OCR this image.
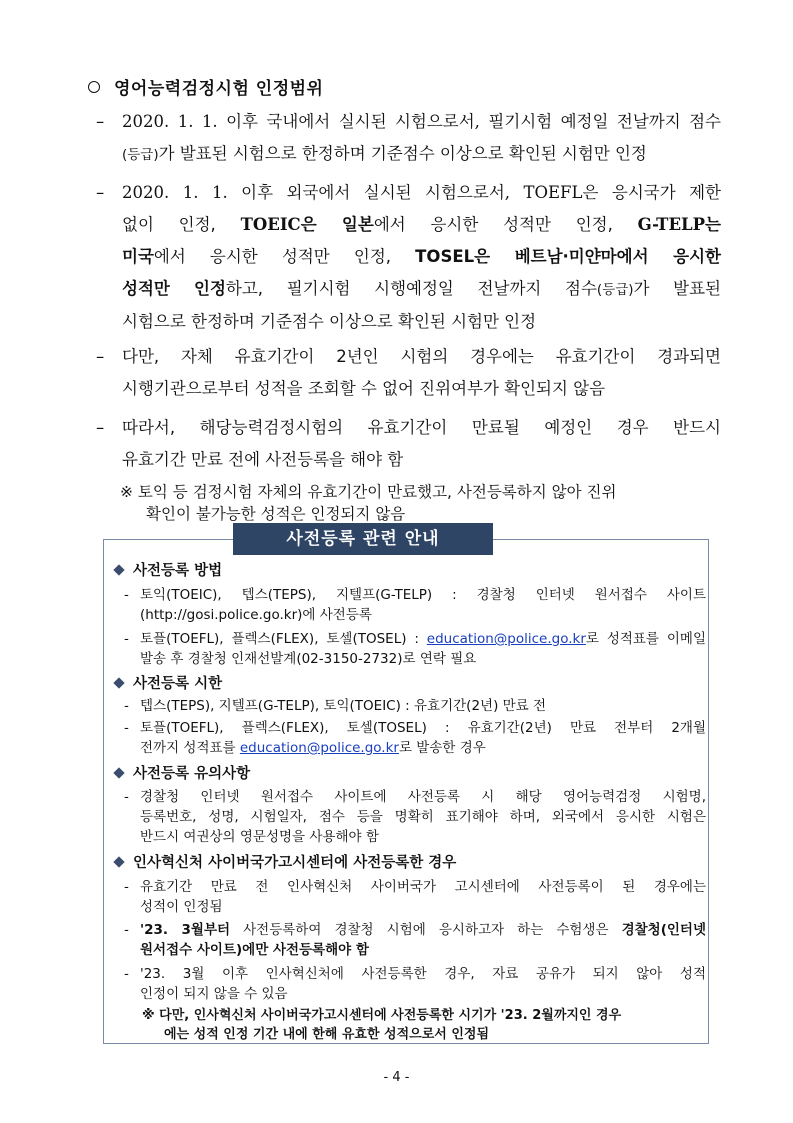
영어능력검정시험 인정범위
–	2020. 1. 1. 이후 국내에서 실시된 시험으로서, 필기시험 예정일 전날까지 점수
(등급)가 발표된 시험으로 한정하며 기준점수 이상으로 확인된 시험만 인정
–	2020. 1. 1. 이후 외국에서 실시된 시험으로서, TOEFL은 응시국가 제한
없이 인정, TOEIC은 일본에서 응시한 성적만 인정, G-TELP는
미국에서 응시한 성적만 인정, TOSEL은 베트남·미얀마에서 응시한
성적만 인정하고, 필기시험 시행예정일 전날까지 점수(등급)가 발표된
시험으로 한정하며 기준점수 이상으로 확인된 시험만 인정
–	다만, 자체 유효기간이 2년인 시험의 경우에는 유효기간이 경과되면
시행기관으로부터 성적을 조회할 수 없어 진위여부가 확인되지 않음
–	따라서, 해당능력검정시험의 유효기간이 만료될 예정인 경우 반드시
유효기간 만료 전에 사전등록을 해야 함
※ 토익 등 검정시험 자체의 유효기간이 만료했고, 사전등록하지 않아 진위
확인이 불가능한 성적은 인정되지 않음
사전등록 관련 안내
사전등록 방법
- 토익(TOEIC), 텝스(TEPS), 지텔프(G-TELP) : 경찰청 인터넷 원서접수 사이트
(http://gosi.police.go.kr)에 사전등록
- 토플(TOEFL), 플렉스(FLEX), 토셀(TOSEL) : education@police.go.kr로 성적표를 이메일
발송 후 경찰청 인재선발계(02-3150-2732)로 연락 필요
사전등록 시한
- 텝스(TEPS), 지텔프(G-TELP), 토익(TOEIC) : 유효기간(2년) 만료 전
- 토플(TOEFL), 플렉스(FLEX), 토셀(TOSEL) : 유효기간(2년) 만료 전부터 2개월
전까지 성적표를 education@police.go.kr로 발송한 경우
사전등록 유의사항
- 경찰청 인터넷 원서접수 사이트에 사전등록 시 해당 영어능력검정 시험명,
등록번호, 성명, 시험일자, 점수 등을 명확히 표기해야 하며, 외국에서 응시한 시험은
반드시 여권상의 영문성명을 사용해야 함
인사혁신처 사이버국가고시센터에 사전등록한 경우
- 유효기간 만료 전 인사혁신처 사이버국가 고시센터에 사전등록이 된 경우에는
성적이 인정됨
- '23. 3월부터 사전등록하여 경찰청 시험에 응시하고자 하는 수험생은 경찰청(인터넷
원서접수 사이트)에만 사전등록해야 함
- '23. 3월 이후 인사혁신처에 사전등록한 경우, 자료 공유가 되지 않아 성적
인정이 되지 않을 수 있음
※ 다만, 인사혁신처 사이버국가고시센터에 사전등록한 시기가 '23. 2월까지인 경우
에는 성적 인정 기간 내에 한해 유효한 성적으로서 인정됨
- 4 -
